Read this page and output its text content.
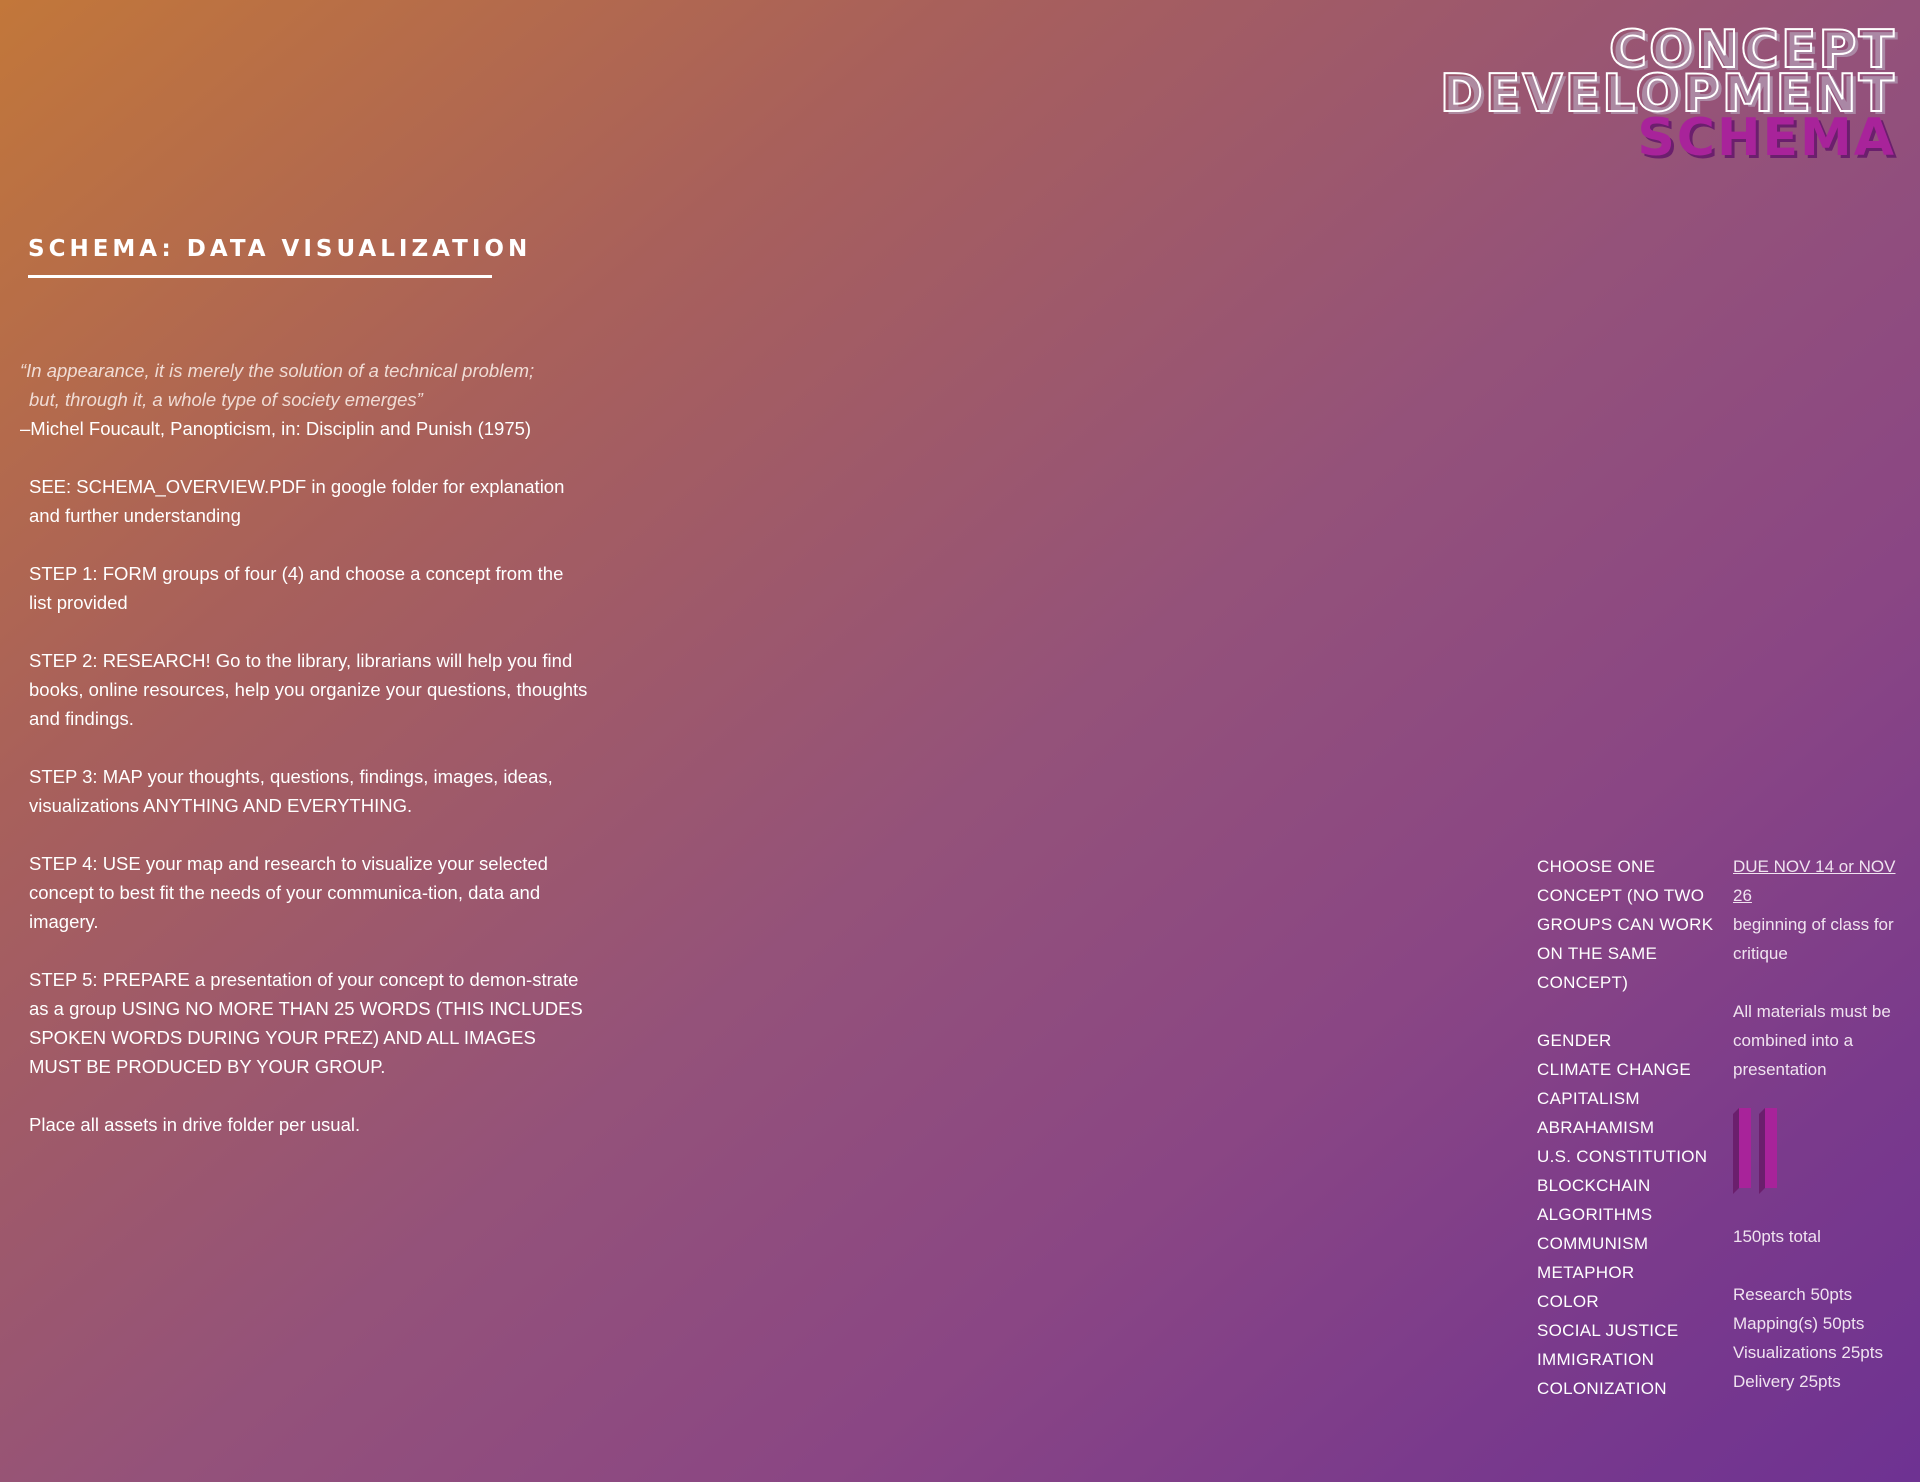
CONCEPT
DEVELOPMENT
SCHEMA
SCHEMA: DATA VISUALIZATION

“In appearance, it is merely the solution of a technical problem;

but, through it, a whole type of society emerges”

–Michel Foucault, Panopticism, in: Disciplin and Punish (1975)

SEE: SCHEMA_OVERVIEW.PDF in google folder for explanation and further understanding

STEP 1: FORM groups of four (4) and choose a concept from the list provided

STEP 2: RESEARCH! Go to the library, librarians will help you find books, online resources, help you organize your questions, thoughts and findings.

STEP 3: MAP your thoughts, questions, findings, images, ideas, visualizations ANYTHING AND EVERYTHING.

STEP 4: USE your map and research to visualize your selected concept to best fit the needs of your communica-tion, data and imagery.

STEP 5: PREPARE a presentation of your concept to demon-strate as a group USING NO MORE THAN 25 WORDS (THIS INCLUDES SPOKEN WORDS DURING YOUR PREZ) AND ALL IMAGES MUST BE PRODUCED BY YOUR GROUP.

Place all assets in drive folder per usual.

CHOOSE ONE CONCEPT (NO TWO GROUPS CAN WORK ON THE SAME CONCEPT)

GENDER
CLIMATE CHANGE
CAPITALISM
ABRAHAMISM
U.S. CONSTITUTION
BLOCKCHAIN
ALGORITHMS
COMMUNISM
METAPHOR
COLOR
SOCIAL JUSTICE
IMMIGRATION
COLONIZATION

DUE NOV 14 or NOV 26

beginning of class for critique

All materials must be combined into a presentation

150pts total

Research 50pts
Mapping(s) 50pts
Visualizations 25pts
Delivery 25pts
